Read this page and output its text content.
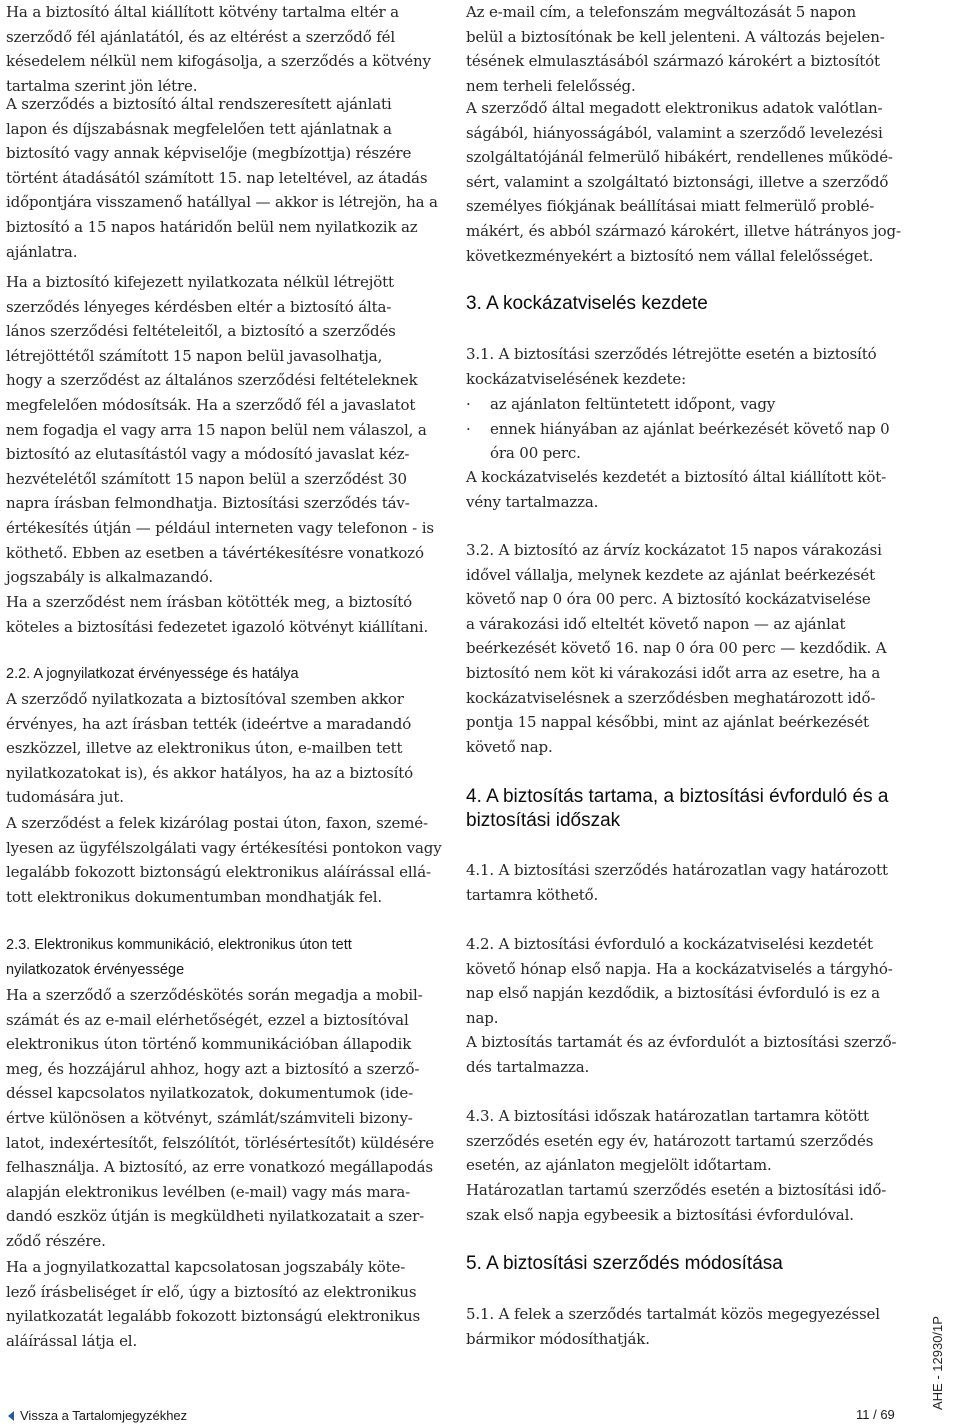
Ha a biztosító által kiállított kötvény tartalma eltér a
szerződő fél ajánlatától, és az eltérést a szerződő fél
késedelem nélkül nem kifogásolja, a szerződés a kötvény
tartalma szerint jön létre.
A szerződés a biztosító által rendszeresített ajánlati
lapon és díjszabásnak megfelelően tett ajánlatnak a
biztosító vagy annak képviselője (megbízottja) részére
történt átadásától számított 15. nap leteltével, az átadás
időpontjára visszamenő hatállyal — akkor is létrejön, ha a
biztosító a 15 napos határidőn belül nem nyilatkozik az
ajánlatra.
Ha a biztosító kifejezett nyilatkozata nélkül létrejött
szerződés lényeges kérdésben eltér a biztosító álta-
lános szerződési feltételeitől, a biztosító a szerződés
létrejöttétől számított 15 napon belül javasolhatja,
hogy a szerződést az általános szerződési feltételeknek
megfelelően módosítsák. Ha a szerződő fél a javaslatot
nem fogadja el vagy arra 15 napon belül nem válaszol, a
biztosító az elutasítástól vagy a módosító javaslat kéz-
hezvételétől számított 15 napon belül a szerződést 30
napra írásban felmondhatja. Biztosítási szerződés táv-
értékesítés útján — például interneten vagy telefonon - is
köthető. Ebben az esetben a távértékesítésre vonatkozó
jogszabály is alkalmazandó.
Ha a szerződést nem írásban kötötték meg, a biztosító
köteles a biztosítási fedezetet igazoló kötvényt kiállítani.
2.2. A jognyilatkozat érvényessége és hatálya
A szerződő nyilatkozata a biztosítóval szemben akkor
érvényes, ha azt írásban tették (ideértve a maradandó
eszközzel, illetve az elektronikus úton, e-mailben tett
nyilatkozatokat is), és akkor hatályos, ha az a biztosító
tudomására jut.
A szerződést a felek kizárólag postai úton, faxon, szemé-
lyesen az ügyfélszolgálati vagy értékesítési pontokon vagy
legalább fokozott biztonságú elektronikus aláírással ellá-
tott elektronikus dokumentumban mondhatják fel.
2.3. Elektronikus kommunikáció, elektronikus úton tett
nyilatkozatok érvényessége
Ha a szerződő a szerződéskötés során megadja a mobil-
számát és az e-mail elérhetőségét, ezzel a biztosítóval
elektronikus úton történő kommunikációban állapodik
meg, és hozzájárul ahhoz, hogy azt a biztosító a szerző-
déssel kapcsolatos nyilatkozatok, dokumentumok (ide-
értve különösen a kötvényt, számlát/számviteli bizony-
latot, indexértesítőt, felszólítót, törlésértesítőt) küldésére
felhasználja. A biztosító, az erre vonatkozó megállapodás
alapján elektronikus levélben (e-mail) vagy más mara-
dandó eszköz útján is megküldheti nyilatkozatait a szer-
ződő részére.
Ha a jognyilatkozattal kapcsolatosan jogszabály köte-
lező írásbeliséget ír elő, úgy a biztosító az elektronikus
nyilatkozatát legalább fokozott biztonságú elektronikus
aláírással látja el.
Az e-mail cím, a telefonszám megváltozását 5 napon
belül a biztosítónak be kell jelenteni. A változás bejelen-
tésének elmulasztásából származó károkért a biztosítót
nem terheli felelősség.
A szerződő által megadott elektronikus adatok valótlan-
ságából, hiányosságából, valamint a szerződő levelezési
szolgáltatójánál felmerülő hibákért, rendellenes működé-
sért, valamint a szolgáltató biztonsági, illetve a szerződő
személyes fiókjának beállításai miatt felmerülő problé-
mákért, és abból származó károkért, illetve hátrányos jog-
következményekért a biztosító nem vállal felelősséget.
3. A kockázatviselés kezdete
3.1. A biztosítási szerződés létrejötte esetén a biztosító
kockázatviselésének kezdete:
·	az ajánlaton feltüntetett időpont, vagy
·	ennek hiányában az ajánlat beérkezését követő nap 0
óra 00 perc.
A kockázatviselés kezdetét a biztosító által kiállított köt-
vény tartalmazza.
3.2. A biztosító az árvíz kockázatot 15 napos várakozási
idővel vállalja, melynek kezdete az ajánlat beérkezését
követő nap 0 óra 00 perc. A biztosító kockázatviselése
a várakozási idő elteltét követő napon — az ajánlat
beérkezését követő 16. nap 0 óra 00 perc — kezdődik. A
biztosító nem köt ki várakozási időt arra az esetre, ha a
kockázatviselésnek a szerződésben meghatározott idő-
pontja 15 nappal későbbi, mint az ajánlat beérkezését
követő nap.
4. A biztosítás tartama, a biztosítási évforduló és a
biztosítási időszak
4.1. A biztosítási szerződés határozatlan vagy határozott
tartamra köthető.
4.2. A biztosítási évforduló a kockázatviselési kezdetét
követő hónap első napja. Ha a kockázatviselés a tárgyhó-
nap első napján kezdődik, a biztosítási évforduló is ez a
nap.
A biztosítás tartamát és az évfordulót a biztosítási szerző-
dés tartalmazza.
4.3. A biztosítási időszak határozatlan tartamra kötött
szerződés esetén egy év, határozott tartamú szerződés
esetén, az ajánlaton megjelölt időtartam.
Határozatlan tartamú szerződés esetén a biztosítási idő-
szak első napja egybeesik a biztosítási évfordulóval.
5. A biztosítási szerződés módosítása
5.1. A felek a szerződés tartalmát közös megegyezéssel
bármikor módosíthatják.
Vissza a Tartalomjegyzékhez	11 / 69
AHE - 12930/1P
